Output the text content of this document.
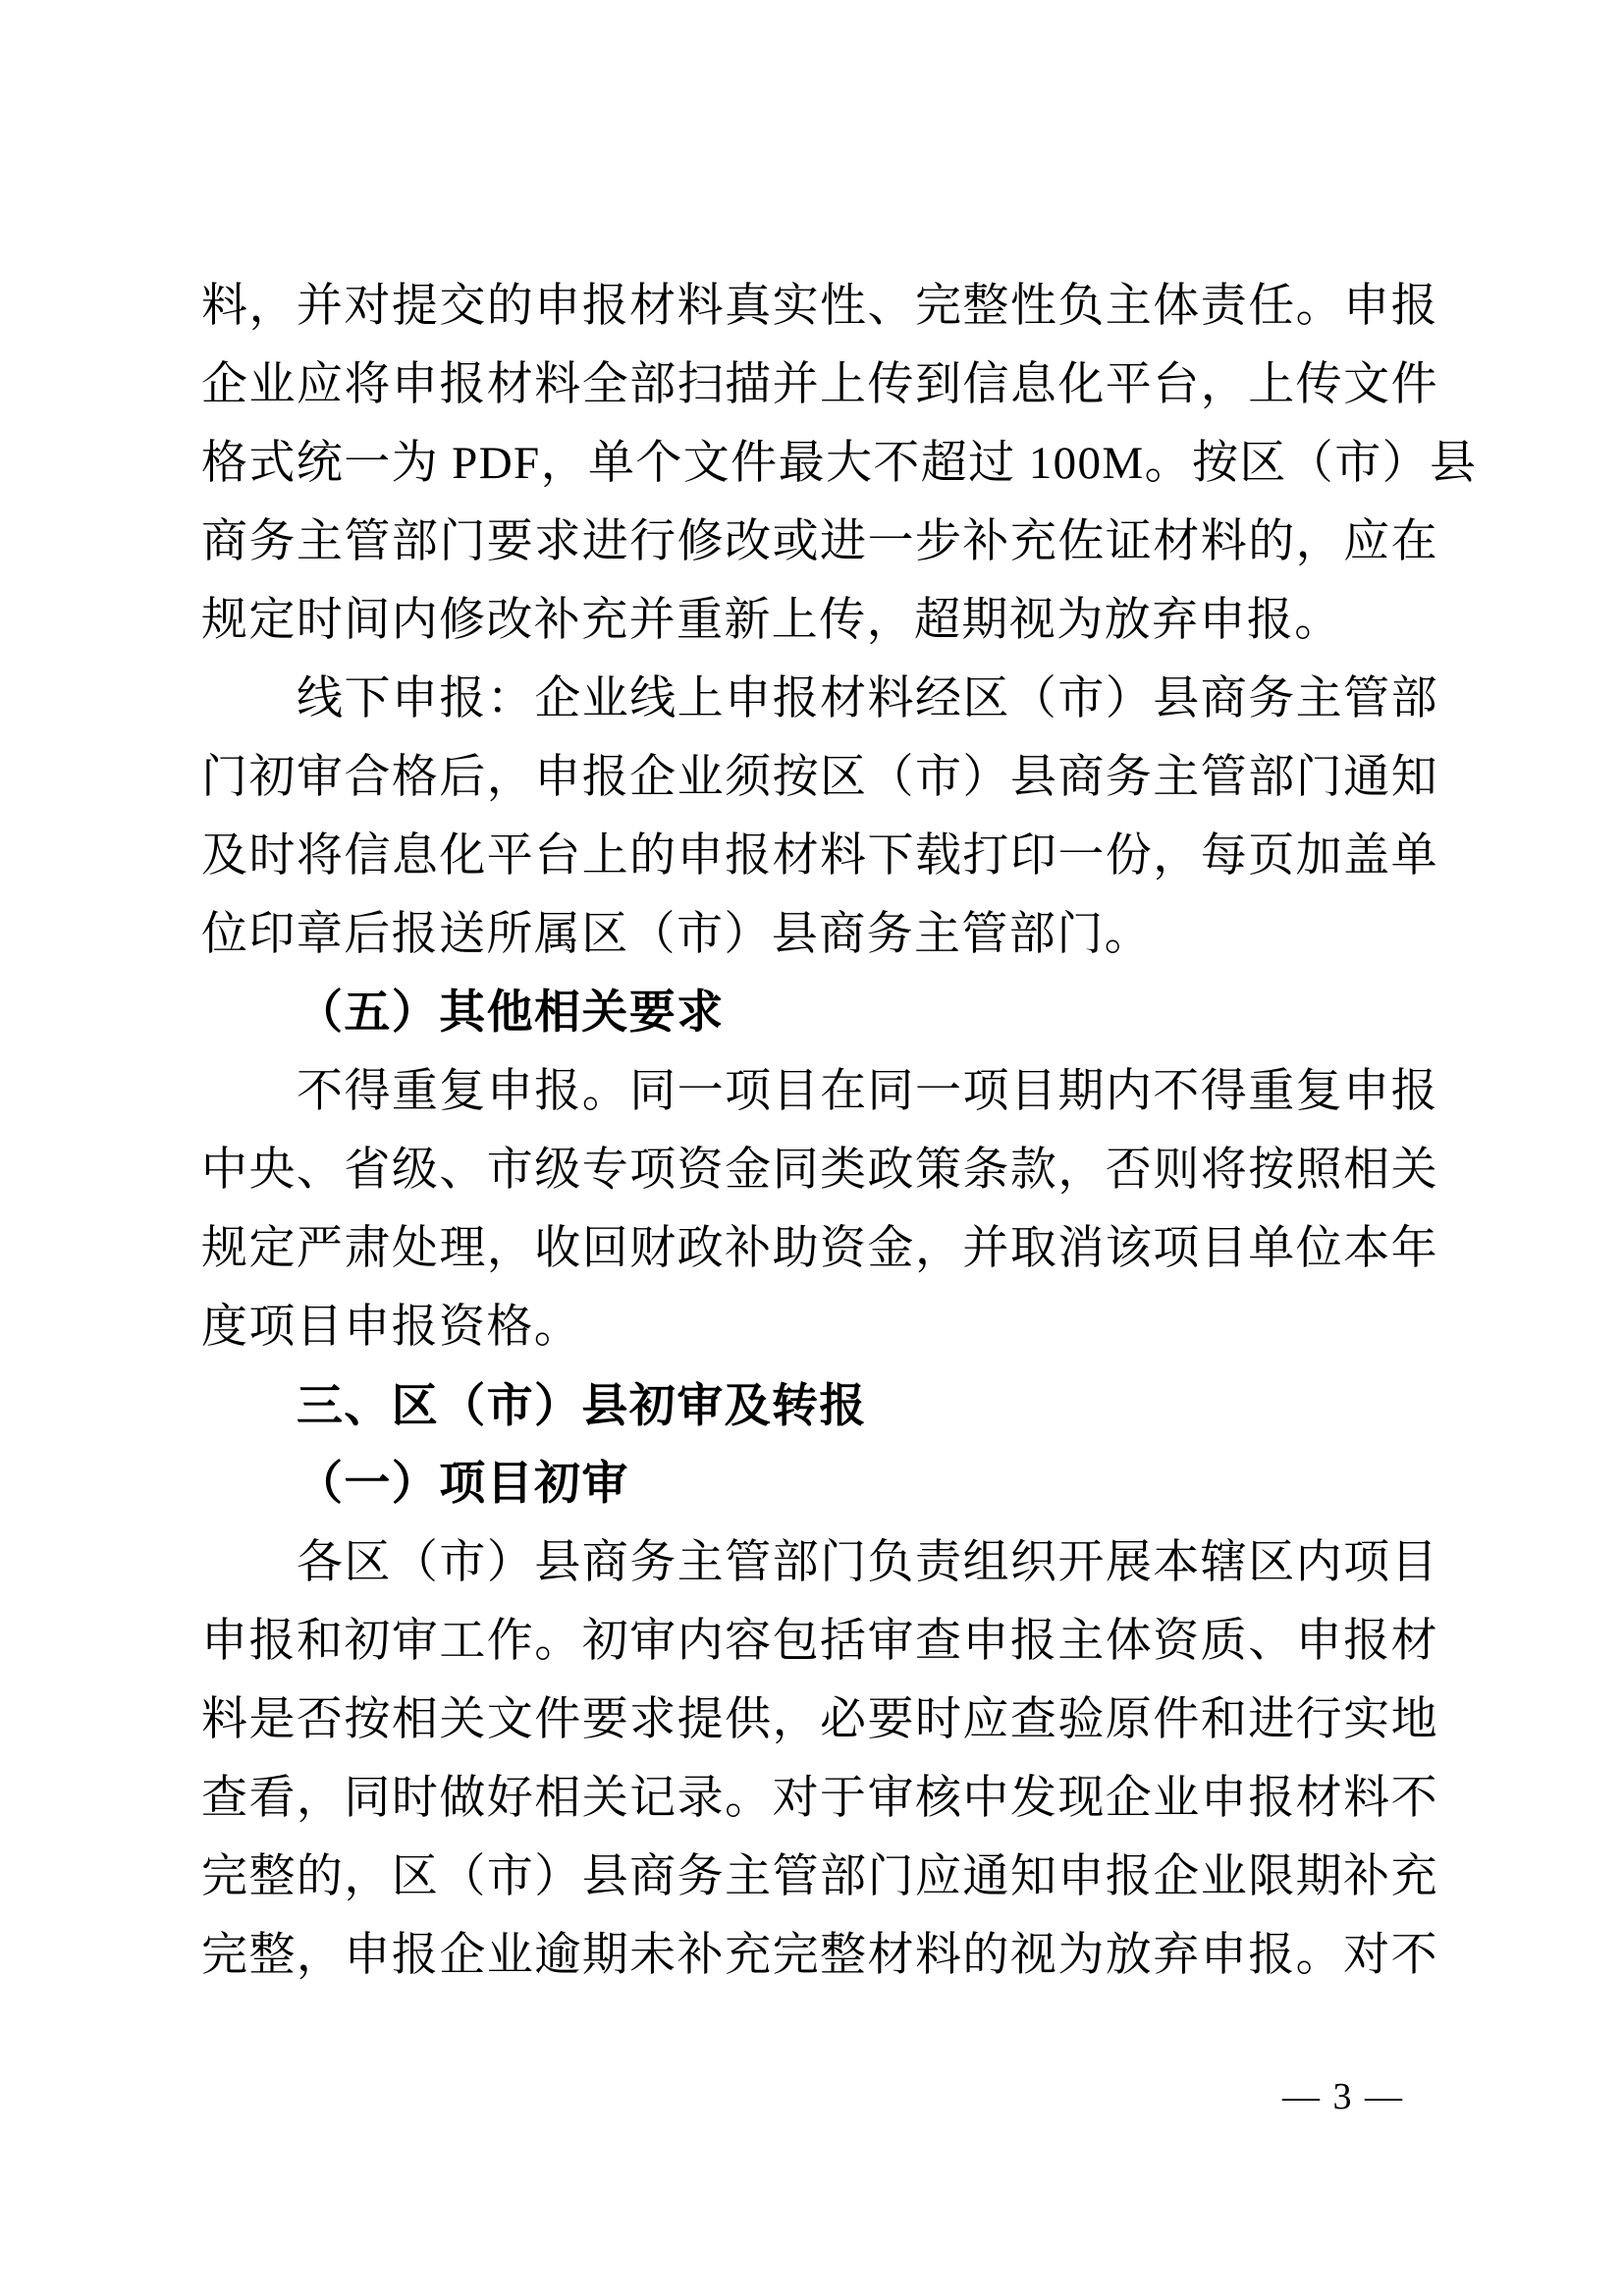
料，并对提交的申报材料真实性、完整性负主体责任。申报
企业应将申报材料全部扫描并上传到信息化平台，上传文件
格式统一为 PDF，单个文件最大不超过 100M。按区（市）县
商务主管部门要求进行修改或进一步补充佐证材料的，应在
规定时间内修改补充并重新上传，超期视为放弃申报。
线下申报：企业线上申报材料经区（市）县商务主管部
门初审合格后，申报企业须按区（市）县商务主管部门通知
及时将信息化平台上的申报材料下载打印一份，每页加盖单
位印章后报送所属区（市）县商务主管部门。
（五）其他相关要求
不得重复申报。同一项目在同一项目期内不得重复申报
中央、省级、市级专项资金同类政策条款，否则将按照相关
规定严肃处理，收回财政补助资金，并取消该项目单位本年
度项目申报资格。
三、区（市）县初审及转报
（一）项目初审
各区（市）县商务主管部门负责组织开展本辖区内项目
申报和初审工作。初审内容包括审查申报主体资质、申报材
料是否按相关文件要求提供，必要时应查验原件和进行实地
查看，同时做好相关记录。对于审核中发现企业申报材料不
完整的，区（市）县商务主管部门应通知申报企业限期补充
完整，申报企业逾期未补充完整材料的视为放弃申报。对不
— 3 —
